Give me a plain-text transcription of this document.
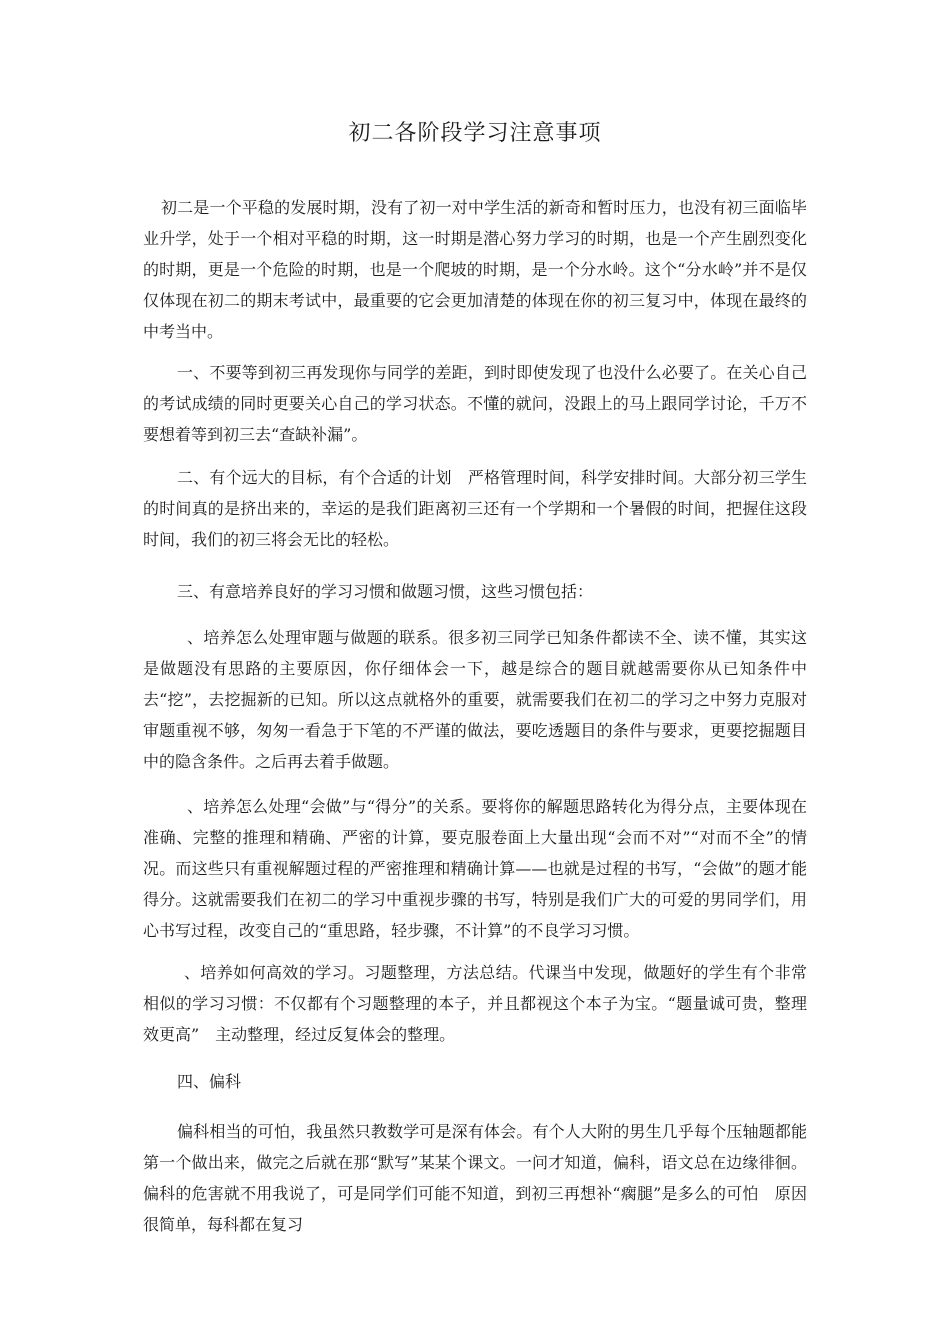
初二各阶段学习注意事项

初二是一个平稳的发展时期，没有了初一对中学生活的新奇和暂时压力，也没有初三面临毕业升学，处于一个相对平稳的时期，这一时期是潜心努力学习的时期，也是一个产生剧烈变化的时期，更是一个危险的时期，也是一个爬坡的时期，是一个分水岭。这个“分水岭”并不是仅仅体现在初二的期末考试中，最重要的它会更加清楚的体现在你的初三复习中，体现在最终的中考当中。

一、不要等到初三再发现你与同学的差距，到时即使发现了也没什么必要了。在关心自己的考试成绩的同时更要关心自己的学习状态。不懂的就问，没跟上的马上跟同学讨论，千万不要想着等到初三去“查缺补漏”。

二、有个远大的目标，有个合适的计划　严格管理时间，科学安排时间。大部分初三学生的时间真的是挤出来的，幸运的是我们距离初三还有一个学期和一个暑假的时间，把握住这段时间，我们的初三将会无比的轻松。

三、有意培养良好的学习习惯和做题习惯，这些习惯包括：

、培养怎么处理审题与做题的联系。很多初三同学已知条件都读不全、读不懂，其实这是做题没有思路的主要原因，你仔细体会一下，越是综合的题目就越需要你从已知条件中去“挖”，去挖掘新的已知。所以这点就格外的重要，就需要我们在初二的学习之中努力克服对审题重视不够，匆匆一看急于下笔的不严谨的做法，要吃透题目的条件与要求，更要挖掘题目中的隐含条件。之后再去着手做题。

、培养怎么处理“会做”与“得分”的关系。要将你的解题思路转化为得分点，主要体现在准确、完整的推理和精确、严密的计算，要克服卷面上大量出现“会而不对”“对而不全”的情况。而这些只有重视解题过程的严密推理和精确计算——也就是过程的书写，“会做”的题才能得分。这就需要我们在初二的学习中重视步骤的书写，特别是我们广大的可爱的男同学们，用心书写过程，改变自己的“重思路，轻步骤，不计算”的不良学习习惯。

、培养如何高效的学习。习题整理，方法总结。代课当中发现，做题好的学生有个非常相似的学习习惯：不仅都有个习题整理的本子，并且都视这个本子为宝。“题量诚可贵，整理效更高”　主动整理，经过反复体会的整理。

四、偏科

偏科相当的可怕，我虽然只教数学可是深有体会。有个人大附的男生几乎每个压轴题都能第一个做出来，做完之后就在那“默写”某某个课文。一问才知道，偏科，语文总在边缘徘徊。偏科的危害就不用我说了，可是同学们可能不知道，到初三再想补“瘸腿”是多么的可怕　原因很简单，每科都在复习
